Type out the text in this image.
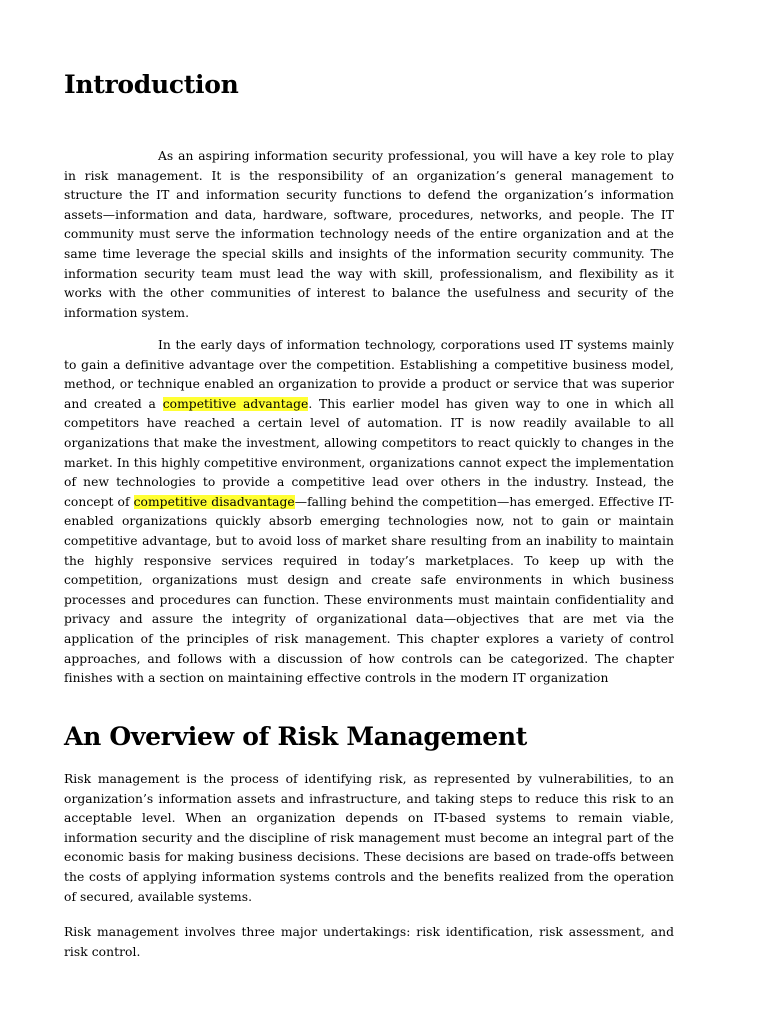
Introduction

As an aspiring information security professional, you will have a key role to play in risk management. It is the responsibility of an organization’s general management to structure the IT and information security functions to defend the organization’s information assets—information and data, hardware, software, procedures, networks, and people. The IT community must serve the information technology needs of the entire organization and at the same time leverage the special skills and insights of the information security community. The information security team must lead the way with skill, professionalism, and flexibility as it works with the other communities of interest to balance the usefulness and security of the information system.

In the early days of information technology, corporations used IT systems mainly to gain a definitive advantage over the competition. Establishing a competitive business model, method, or technique enabled an organization to provide a product or service that was superior and created a competitive advantage. This earlier model has given way to one in which all competitors have reached a certain level of automation. IT is now readily available to all organizations that make the investment, allowing competitors to react quickly to changes in the market. In this highly competitive environment, organizations cannot expect the implementation of new technologies to provide a competitive lead over others in the industry. Instead, the concept of competitive disadvantage—falling behind the competition—has emerged. Effective IT-enabled organizations quickly absorb emerging technologies now, not to gain or maintain competitive advantage, but to avoid loss of market share resulting from an inability to maintain the highly responsive services required in today’s marketplaces. To keep up with the competition, organizations must design and create safe environments in which business processes and procedures can function. These environments must maintain confidentiality and privacy and assure the integrity of organizational data—objectives that are met via the application of the principles of risk management. This chapter explores a variety of control approaches, and follows with a discussion of how controls can be categorized. The chapter finishes with a section on maintaining effective controls in the modern IT organization

An Overview of Risk Management

Risk management is the process of identifying risk, as represented by vulnerabilities, to an organization’s information assets and infrastructure, and taking steps to reduce this risk to an acceptable level. When an organization depends on IT-based systems to remain viable, information security and the discipline of risk management must become an integral part of the economic basis for making business decisions. These decisions are based on trade-offs between the costs of applying information systems controls and the benefits realized from the operation of secured, available systems.

Risk management involves three major undertakings: risk identification, risk assessment, and risk control.
